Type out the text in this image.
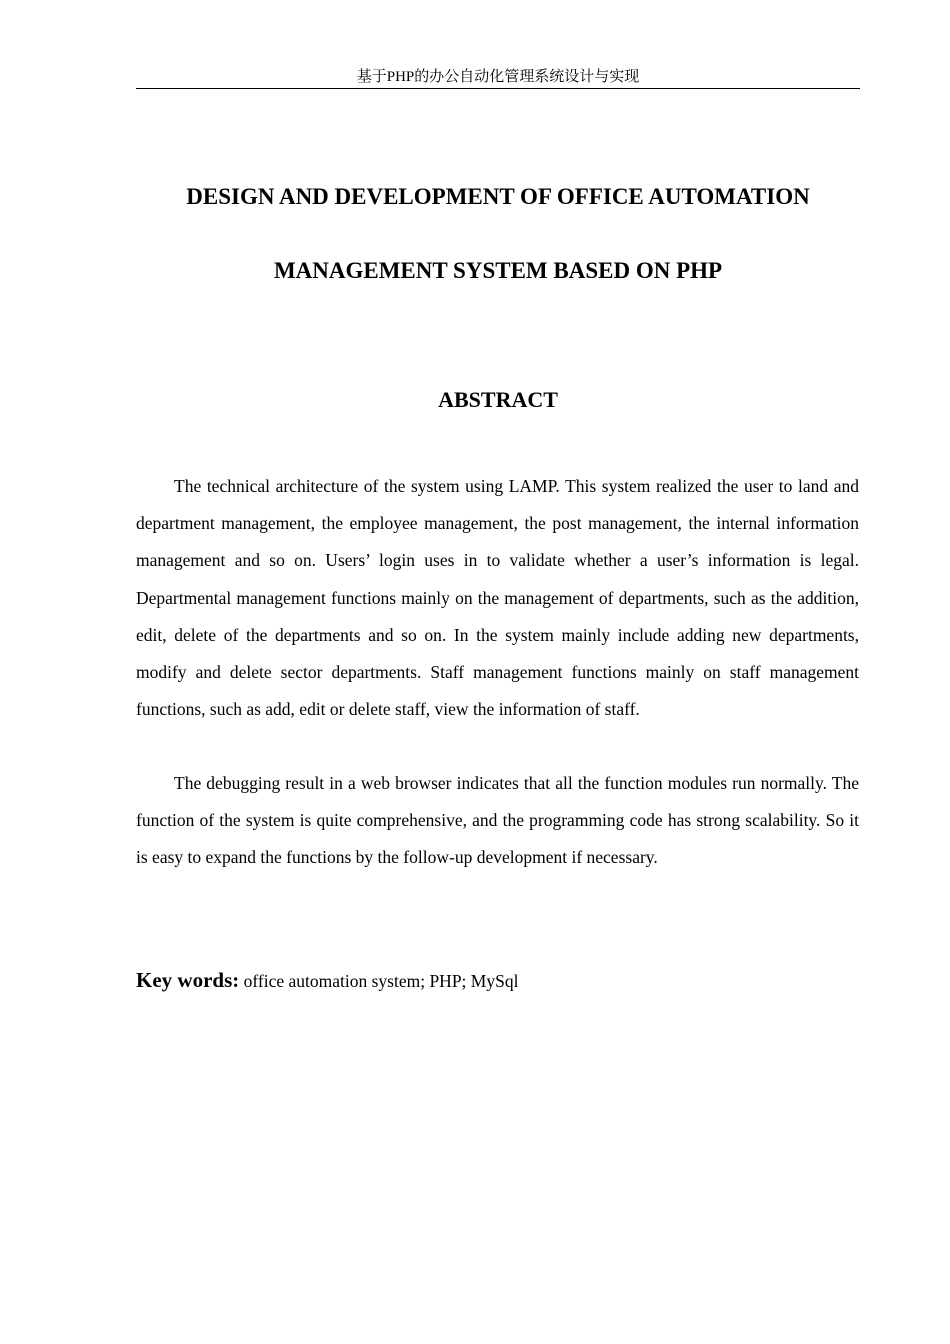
基于PHP的办公自动化管理系统设计与实现
DESIGN AND DEVELOPMENT OF OFFICE AUTOMATION
MANAGEMENT SYSTEM BASED ON PHP
ABSTRACT

The technical architecture of the system using LAMP. This system realized the user to land and department management, the employee management, the post management, the internal information management and so on. Users’ login uses in to validate whether a user’s information is legal. Departmental management functions mainly on the management of departments, such as the addition, edit, delete of the departments and so on. In the system mainly include adding new departments, modify and delete sector departments. Staff management functions mainly on staff management functions, such as add, edit or delete staff, view the information of staff.

The debugging result in a web browser indicates that all the function modules run normally. The function of the system is quite comprehensive, and the programming code has strong scalability. So it is easy to expand the functions by the follow-up development if necessary.

Key words: office automation system; PHP; MySql
